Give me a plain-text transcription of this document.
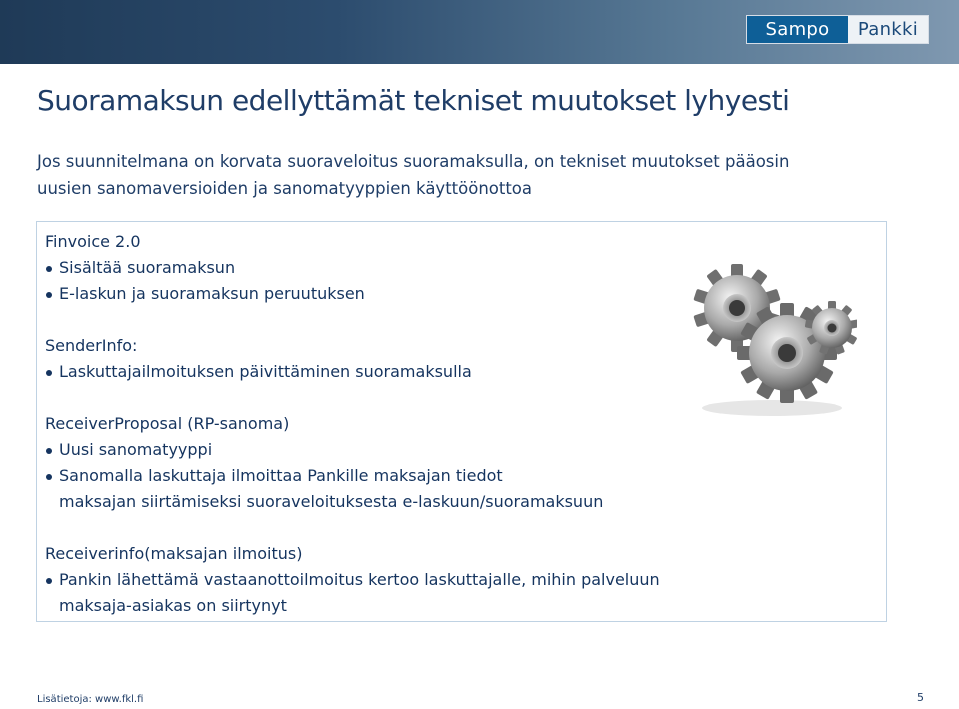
Sampo	Pankki
Suoramaksun edellyttämät tekniset muutokset lyhyesti
Jos suunnitelmana on korvata suoraveloitus suoramaksulla, on tekniset muutokset pääosin
uusien sanomaversioiden ja sanomatyyppien käyttöönottoa

Finvoice 2.0

Sisältää suoramaksun

E-laskun ja suoramaksun peruutuksen

SenderInfo:

Laskuttajailmoituksen päivittäminen suoramaksulla

ReceiverProposal (RP-sanoma)

Uusi sanomatyyppi

Sanomalla laskuttaja ilmoittaa Pankille maksajan tiedot

maksajan siirtämiseksi suoraveloituksesta e-laskuun/suoramaksuun

Receiverinfo(maksajan ilmoitus)

Pankin lähettämä vastaanottoilmoitus kertoo laskuttajalle, mihin palveluun

maksaja-asiakas on siirtynyt

Lisätietoja: www.fkl.fi	5
